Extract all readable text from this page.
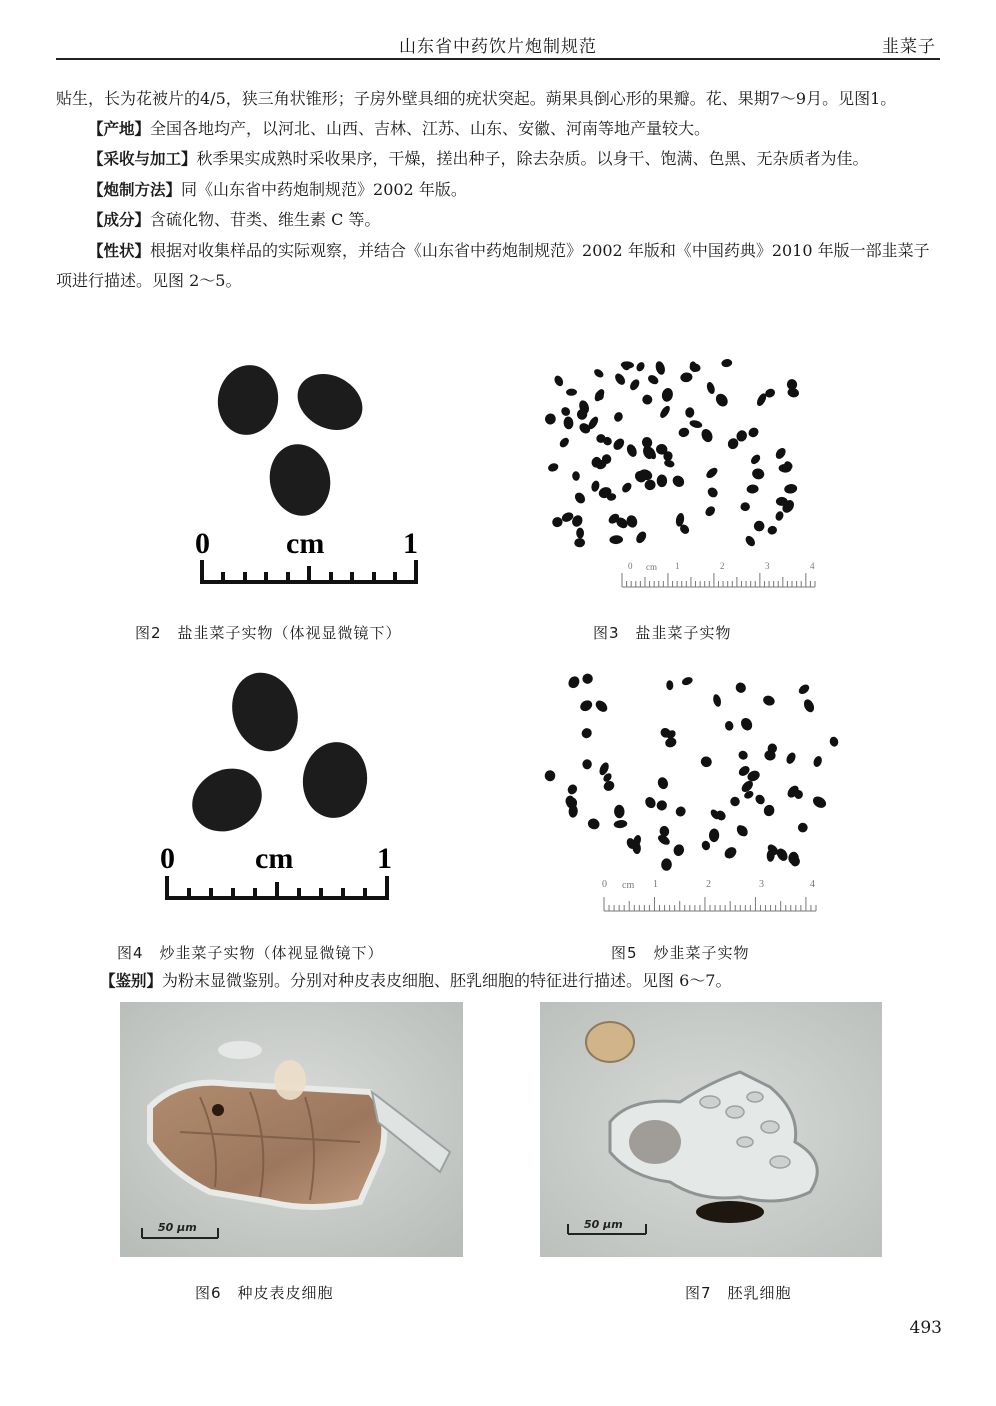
山东省中药饮片炮制规范	韭菜子

贴生，长为花被片的4/5，狭三角状锥形；子房外壁具细的疣状突起。蒴果具倒心形的果瓣。花、果期7～9月。见图1。

【产地】全国各地均产，以河北、山西、吉林、江苏、山东、安徽、河南等地产量较大。

【采收与加工】秋季果实成熟时采收果序，干燥，搓出种子，除去杂质。以身干、饱满、色黑、无杂质者为佳。

【炮制方法】同《山东省中药炮制规范》2002 年版。

【成分】含硫化物、苷类、维生素 C 等。

【性状】根据对收集样品的实际观察，并结合《山东省中药炮制规范》2002 年版和《中国药典》2010 年版一部韭菜子项进行描述。见图 2～5。

0	cm	1
图2 盐韭菜子实物（体视显微镜下）
0 cm 1	2	3	4
图3 盐韭菜子实物
0	cm	1
图4 炒韭菜子实物（体视显微镜下）
0 cm 1	2	3	4
图5 炒韭菜子实物
【鉴别】为粉末显微鉴别。分别对种皮表皮细胞、胚乳细胞的特征进行描述。见图 6～7。
50 μm
图6 种皮表皮细胞
50 μm
图7 胚乳细胞
493
